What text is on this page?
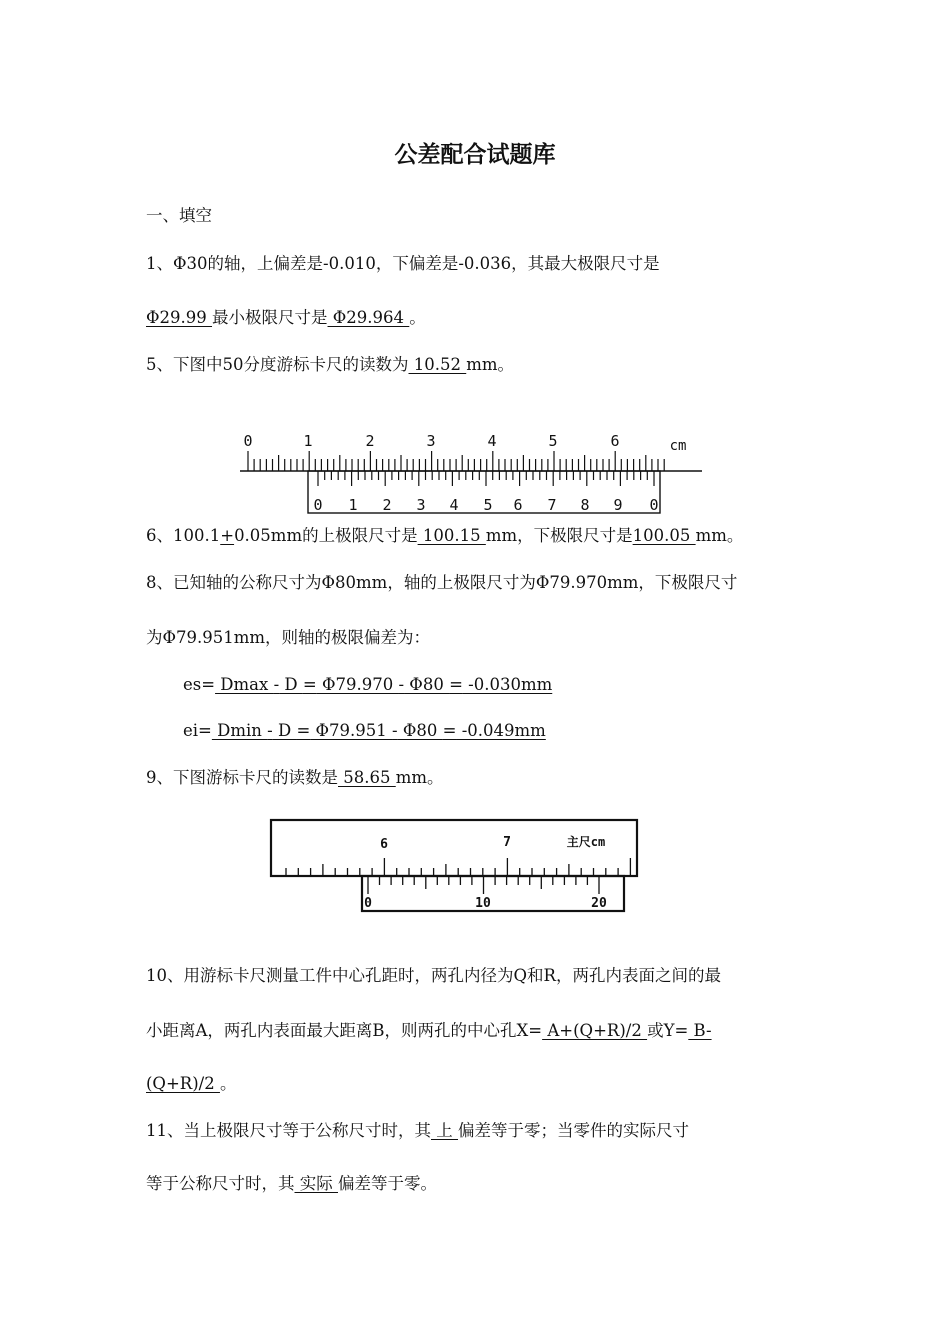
公差配合试题库
一、填空
1、Φ30的轴，上偏差是-0.010，下偏差是-0.036，其最大极限尺寸是
Φ29.99 最小极限尺寸是 Φ29.964 。
5、下图中50分度游标卡尺的读数为 10.52 mm。
0	1	2	3	4	5	6	cm
0 1 2 3 4 5 6 7 8 9 0
6、100.1+0.05mm的上极限尺寸是 100.15 mm，下极限尺寸是100.05 mm。
8、已知轴的公称尺寸为Φ80mm，轴的上极限尺寸为Φ79.970mm，下极限尺寸
为Φ79.951mm，则轴的极限偏差为：
es= Dmax - D = Φ79.970 - Φ80 = -0.030mm
ei= Dmin - D = Φ79.951 - Φ80 = -0.049mm
9、下图游标卡尺的读数是 58.65 mm。
6	7	主尺cm
0	10	20
10、用游标卡尺测量工件中心孔距时，两孔内径为Q和R，两孔内表面之间的最
小距离A，两孔内表面最大距离B，则两孔的中心孔X= A+(Q+R)/2 或Y= B-
(Q+R)/2 。
11、当上极限尺寸等于公称尺寸时，其 上 偏差等于零；当零件的实际尺寸
等于公称尺寸时，其 实际 偏差等于零。
